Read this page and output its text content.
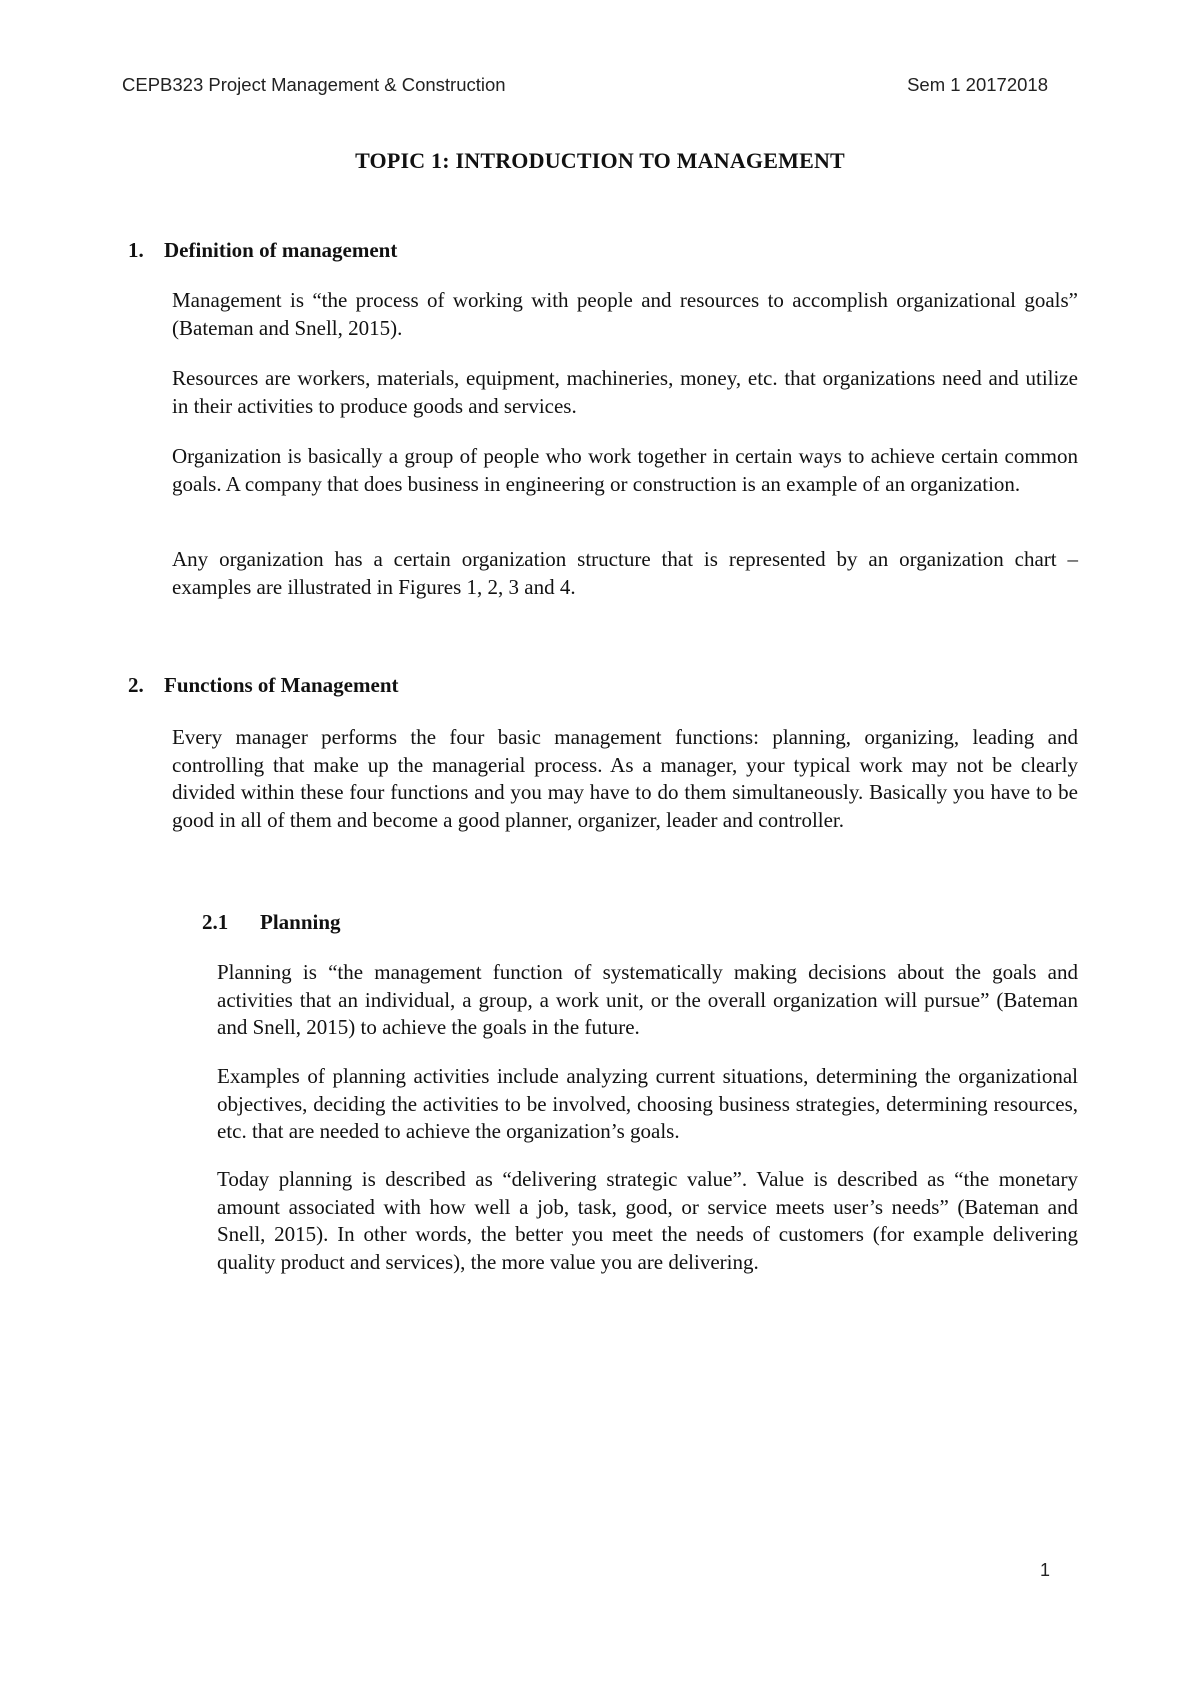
CEPB323 Project Management & Construction	Sem 1 20172018
TOPIC 1: INTRODUCTION TO MANAGEMENT
1. Definition of management

Management is “the process of working with people and resources to accomplish organizational goals” (Bateman and Snell, 2015).

Resources are workers, materials, equipment, machineries, money, etc. that organizations need and utilize in their activities to produce goods and services.

Organization is basically a group of people who work together in certain ways to achieve certain common goals. A company that does business in engineering or construction is an example of an organization.

Any organization has a certain organization structure that is represented by an organization chart – examples are illustrated in Figures 1, 2, 3 and 4.

2. Functions of Management

Every manager performs the four basic management functions: planning, organizing, leading and controlling that make up the managerial process. As a manager, your typical work may not be clearly divided within these four functions and you may have to do them simultaneously. Basically you have to be good in all of them and become a good planner, organizer, leader and controller.

2.1 Planning

Planning is “the management function of systematically making decisions about the goals and activities that an individual, a group, a work unit, or the overall organization will pursue” (Bateman and Snell, 2015) to achieve the goals in the future.

Examples of planning activities include analyzing current situations, determining the organizational objectives, deciding the activities to be involved, choosing business strategies, determining resources, etc. that are needed to achieve the organization’s goals.

Today planning is described as “delivering strategic value”. Value is described as “the monetary amount associated with how well a job, task, good, or service meets user’s needs” (Bateman and Snell, 2015). In other words, the better you meet the needs of customers (for example delivering quality product and services), the more value you are delivering.

1
